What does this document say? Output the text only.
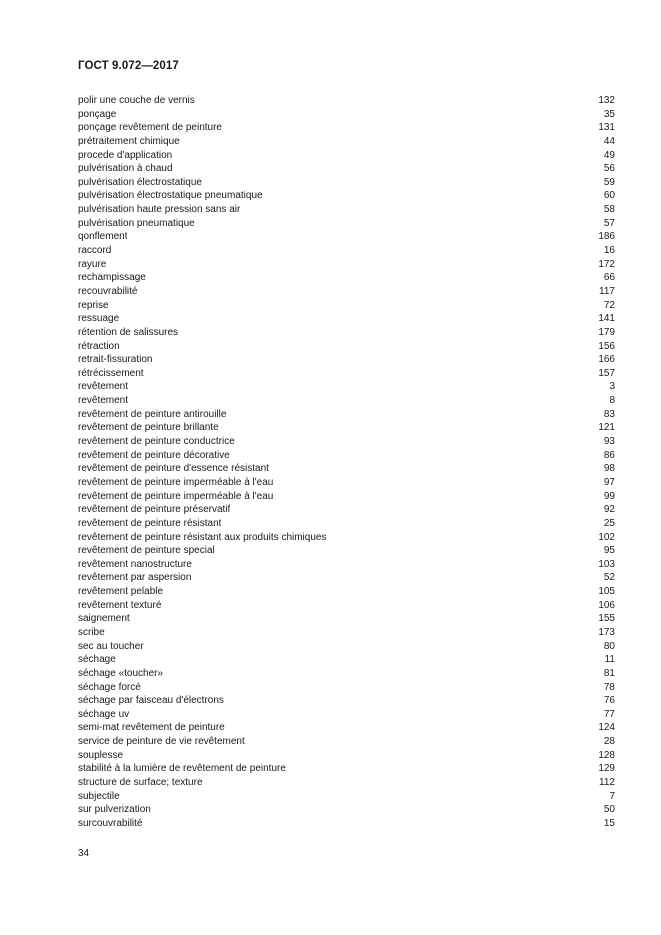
ГОСТ 9.072—2017
polir une couche de vernis	132
ponçage	35
ponçage revêtement de peinture	131
prétraitement chimique	44
procede d'application	49
pulvérisation à chaud	56
pulvérisation électrostatique	59
pulvérisation électrostatique pneumatique	60
pulvérisation haute pression sans air	58
pulvérisation pneumatique	57
qonflement	186
raccord	16
rayure	172
rechampissage	66
recouvrabilité	117
reprise	72
ressuage	141
rétention de salissures	179
rétraction	156
retrait-fissuration	166
rétrécissement	157
revêtement	3
revêtement	8
revêtement de peinture antirouille	83
revêtement de peinture brillante	121
revêtement de peinture conductrice	93
revêtement de peinture décorative	86
revêtement de peinture d'essence résistant	98
revêtement de peinture imperméable à l'eau	97
revêtement de peinture imperméable à l'eau	99
revêtement de peinture préservatif	92
revêtement de peinture résistant	25
revêtement de peinture résistant aux produits chimiques	102
revêtement de peinture special	95
revêtement nanostructure	103
revêtement par aspersion	52
revêtement pelable	105
revêtement texturé	106
saignement	155
scribe	173
sec au toucher	80
séchage	11
séchage «toucher»	81
séchage forcé	78
séchage par faisceau d'électrons	76
séchage uv	77
semi-mat revêtement de peinture	124
service de peinture de vie revêtement	28
souplesse	128
stabilité à la lumière de revêtement de peinture	129
structure de surface; texture	112
subjectile	7
sur pulverization	50
surcouvrabilité	15
34
